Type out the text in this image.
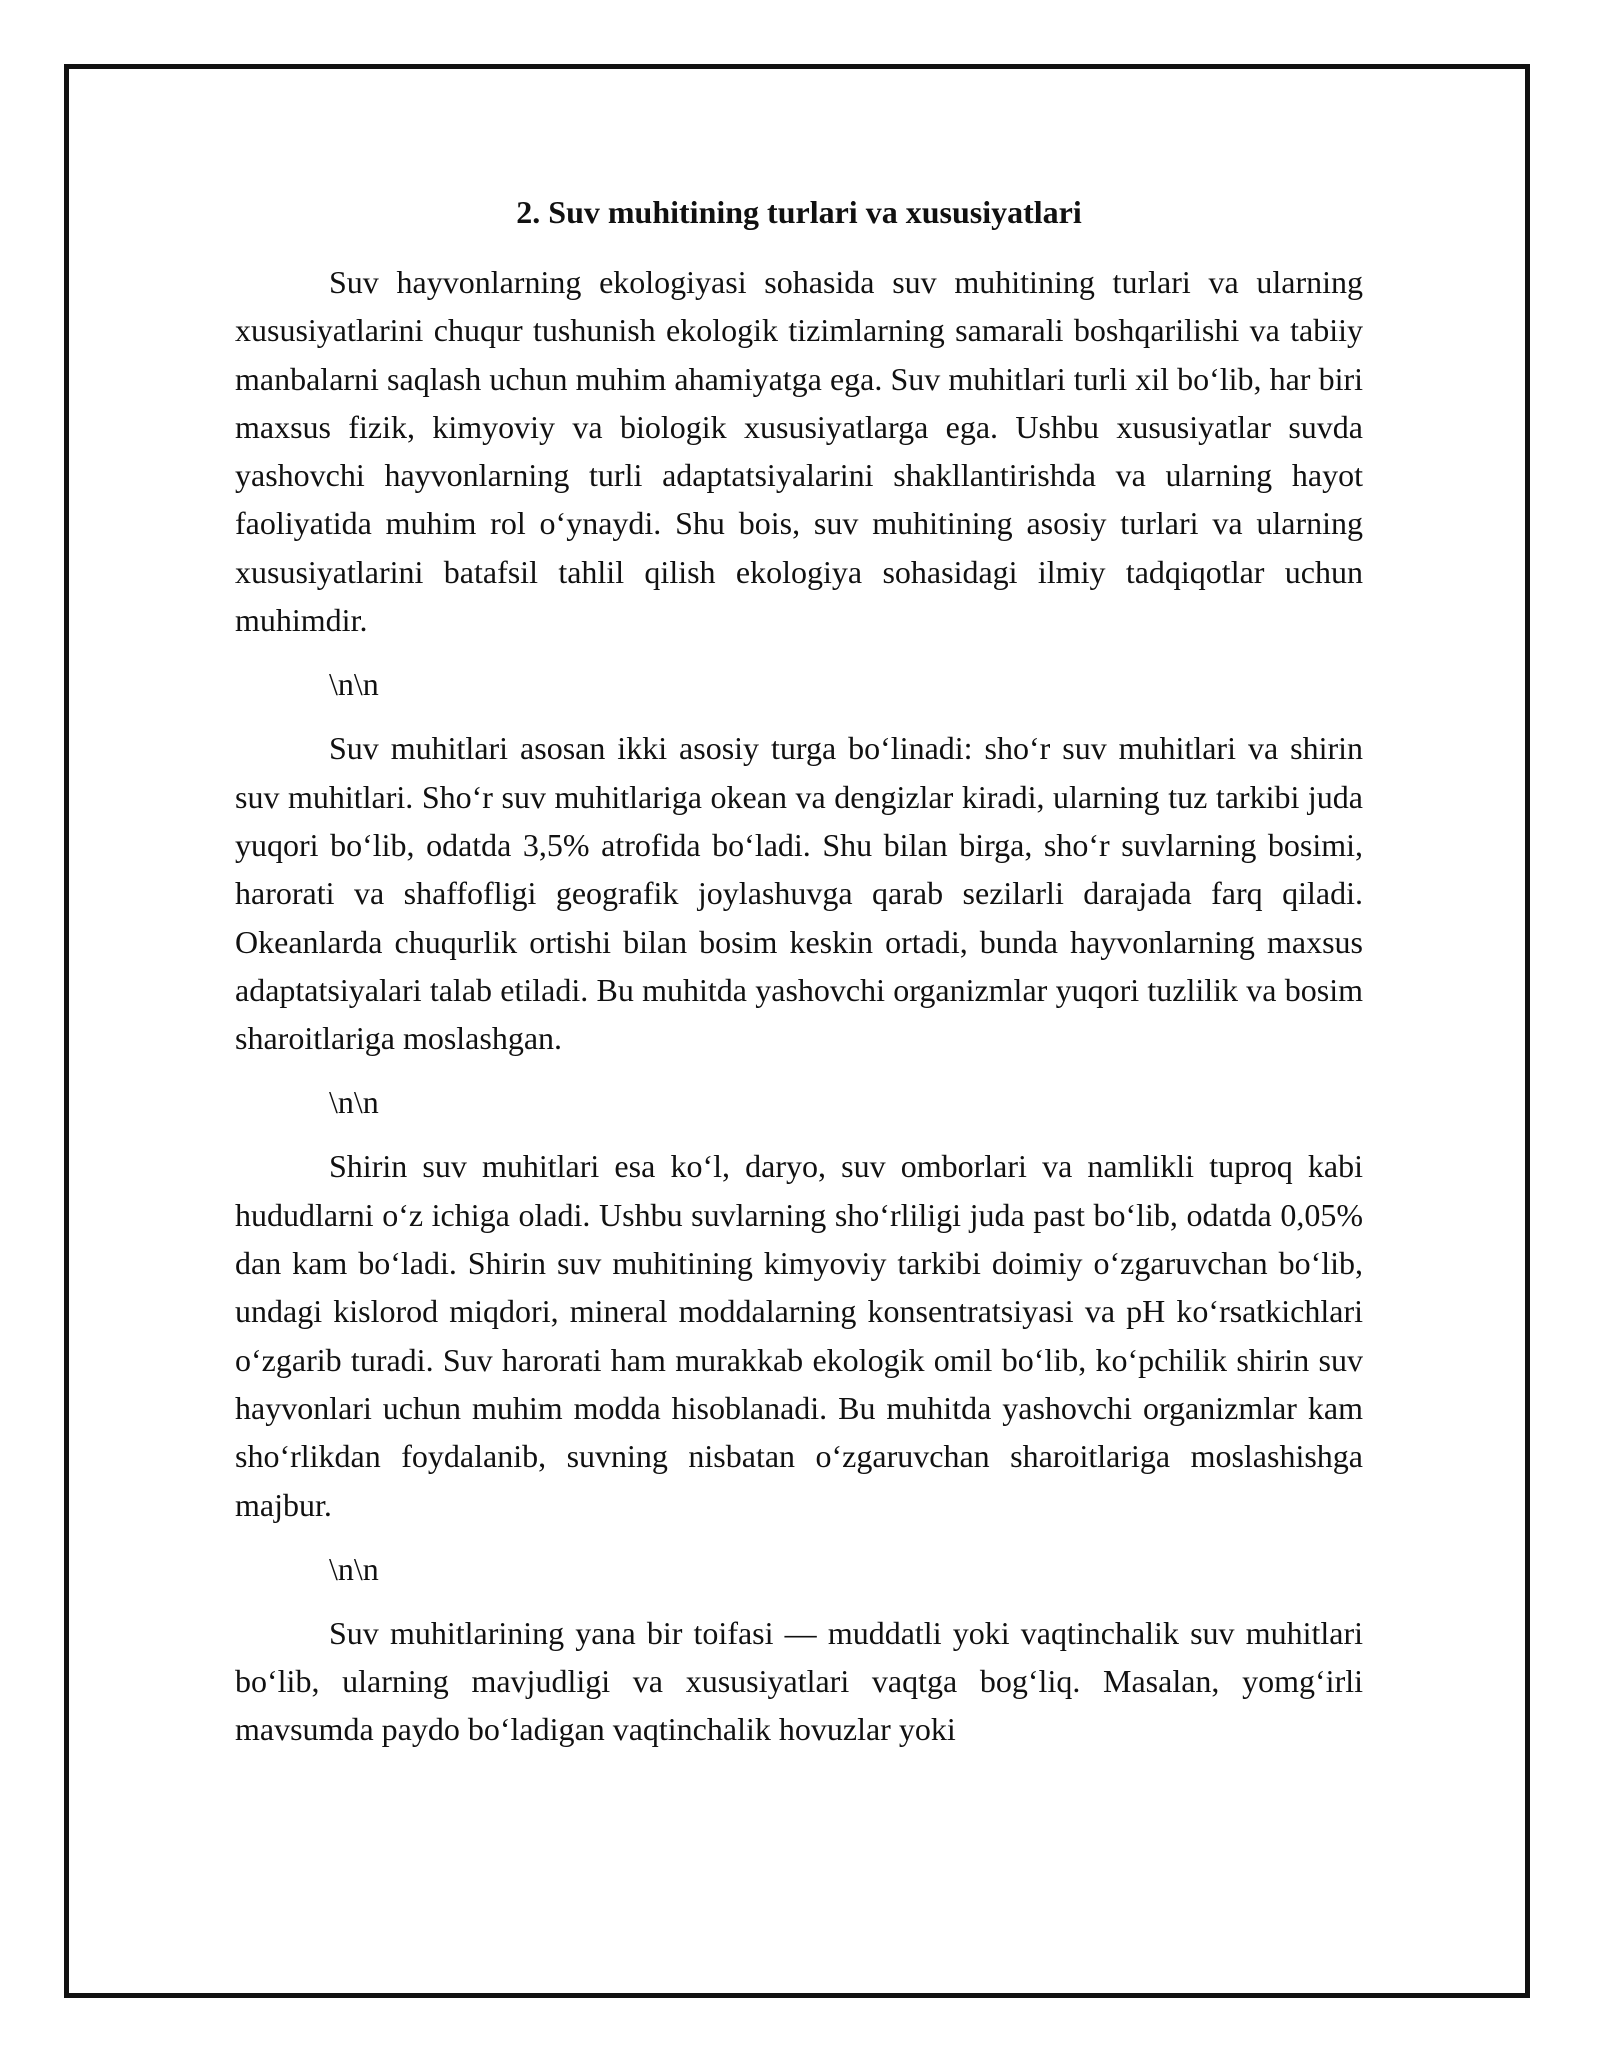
2. Suv muhitining turlari va xususiyatlari

Suv hayvonlarning ekologiyasi sohasida suv muhitining turlari va ularning xususiyatlarini chuqur tushunish ekologik tizimlarning samarali boshqarilishi va tabiiy manbalarni saqlash uchun muhim ahamiyatga ega. Suv muhitlari turli xil bo‘lib, har biri maxsus fizik, kimyoviy va biologik xususiyatlarga ega. Ushbu xususiyatlar suvda yashovchi hayvonlarning turli adaptatsiyalarini shakllantirishda va ularning hayot faoliyatida muhim rol o‘ynaydi. Shu bois, suv muhitining asosiy turlari va ularning xususiyatlarini batafsil tahlil qilish ekologiya sohasidagi ilmiy tadqiqotlar uchun muhimdir.

\n\n

Suv muhitlari asosan ikki asosiy turga bo‘linadi: sho‘r suv muhitlari va shirin suv muhitlari. Sho‘r suv muhitlariga okean va dengizlar kiradi, ularning tuz tarkibi juda yuqori bo‘lib, odatda 3,5% atrofida bo‘ladi. Shu bilan birga, sho‘r suvlarning bosimi, harorati va shaffofligi geografik joylashuvga qarab sezilarli darajada farq qiladi. Okeanlarda chuqurlik ortishi bilan bosim keskin ortadi, bunda hayvonlarning maxsus adaptatsiyalari talab etiladi. Bu muhitda yashovchi organizmlar yuqori tuzlilik va bosim sharoitlariga moslashgan.

\n\n

Shirin suv muhitlari esa ko‘l, daryo, suv omborlari va namlikli tuproq kabi hududlarni o‘z ichiga oladi. Ushbu suvlarning sho‘rliligi juda past bo‘lib, odatda 0,05% dan kam bo‘ladi. Shirin suv muhitining kimyoviy tarkibi doimiy o‘zgaruvchan bo‘lib, undagi kislorod miqdori, mineral moddalarning konsentratsiyasi va pH ko‘rsatkichlari o‘zgarib turadi. Suv harorati ham murakkab ekologik omil bo‘lib, ko‘pchilik shirin suv hayvonlari uchun muhim modda hisoblanadi. Bu muhitda yashovchi organizmlar kam sho‘rlikdan foydalanib, suvning nisbatan o‘zgaruvchan sharoitlariga moslashishga majbur.

\n\n

Suv muhitlarining yana bir toifasi — muddatli yoki vaqtinchalik suv muhitlari bo‘lib, ularning mavjudligi va xususiyatlari vaqtga bog‘liq. Masalan, yomg‘irli mavsumda paydo bo‘ladigan vaqtinchalik hovuzlar yoki
